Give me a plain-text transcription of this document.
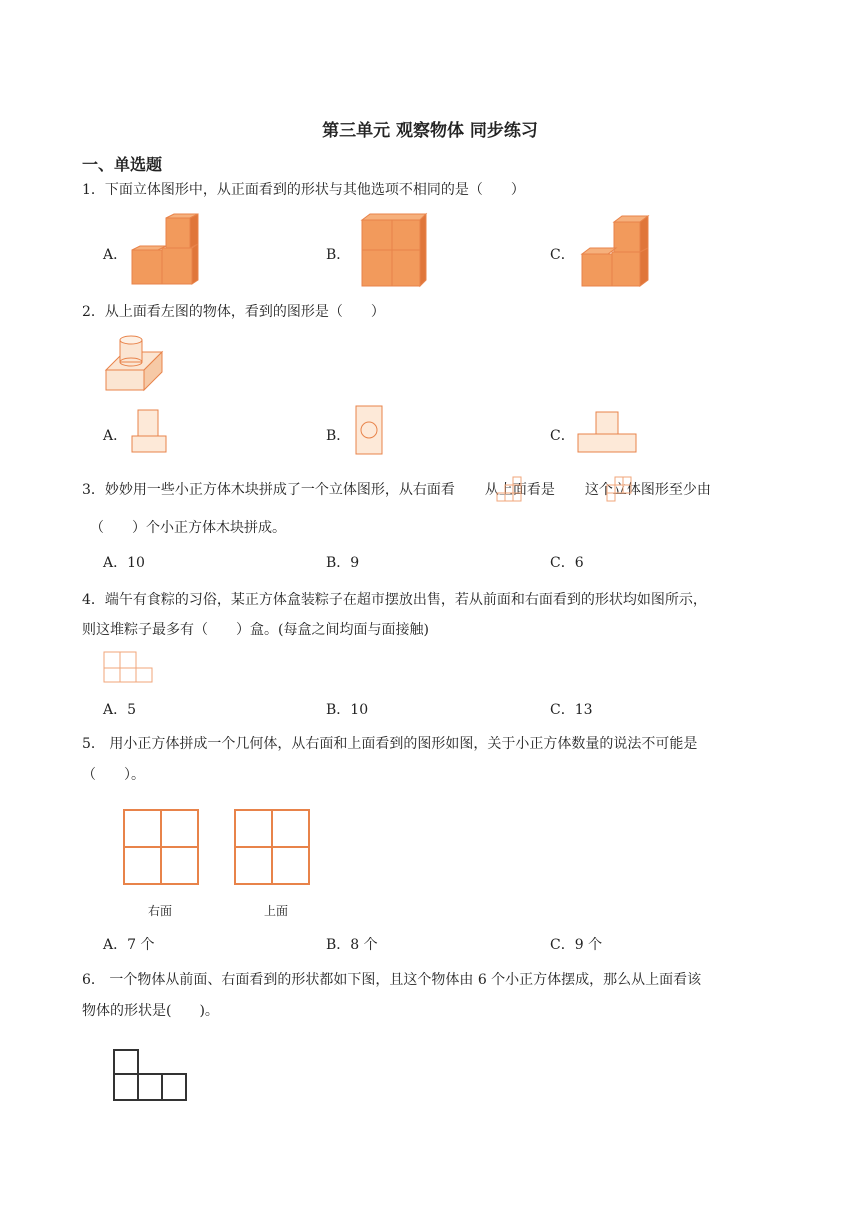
第三单元 观察物体 同步练习
一、单选题
1．下面立体图形中，从正面看到的形状与其他选项不相同的是（　　）
A．	B．	C．
2．从上面看左图的物体，看到的图形是（　　）
A．	B．	C．
3．妙妙用一些小正方体木块拼成了一个立体图形，从右面看 从上面看是 这个立体图形至少由
（　　）个小正方体木块拼成。
A．10	B．9	C．6
4．端午有食粽的习俗，某正方体盒装粽子在超市摆放出售，若从前面和右面看到的形状均如图所示，
则这堆粽子最多有（　　）盒。(每盒之间均面与面接触)
A．5	B．10	C．13
5． 用小正方体拼成一个几何体，从右面和上面看到的图形如图，关于小正方体数量的说法不可能是
（　　）。
右面	上面
A．7 个	B．8 个	C．9 个
6． 一个物体从前面、右面看到的形状都如下图，且这个物体由 6 个小正方体摆成，那么从上面看该
物体的形状是(　　)。
